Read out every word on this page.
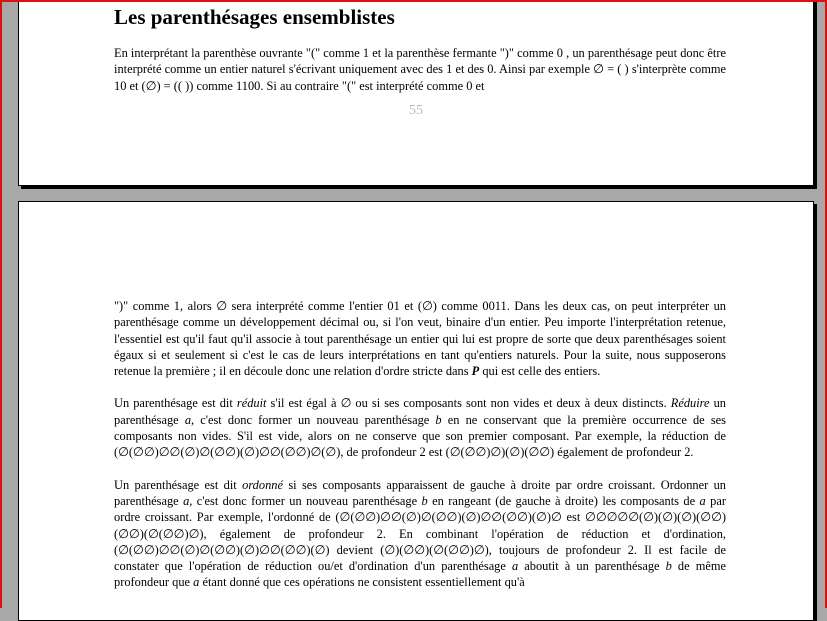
Les parenthésages ensemblistes
En interprétant la parenthèse ouvrante "(" comme 1 et la parenthèse fermante ")" comme 0 , un parenthésage peut donc être interprété comme un entier naturel s'écrivant uniquement avec des 1 et des 0. Ainsi par exemple ∅ = ( ) s'interprète comme 10 et (∅) = (( )) comme 1100. Si au contraire "(" est interprété comme 0 et
55

")" comme 1, alors ∅ sera interprété comme l'entier 01 et (∅) comme 0011. Dans les deux cas, on peut interpréter un parenthésage comme un développement décimal ou, si l'on veut, binaire d'un entier. Peu importe l'interprétation retenue, l'essentiel est qu'il faut qu'il associe à tout parenthésage un entier qui lui est propre de sorte que deux parenthésages soient égaux si et seulement si c'est le cas de leurs interprétations en tant qu'entiers naturels. Pour la suite, nous supposerons retenue la première ; il en découle donc une relation d'ordre stricte dans P qui est celle des entiers.

Un parenthésage est dit réduit s'il est égal à ∅ ou si ses composants sont non vides et deux à deux distincts. Réduire un parenthésage a, c'est donc former un nouveau parenthésage b en ne conservant que la première occurrence de ses composants non vides. S'il est vide, alors on ne conserve que son premier composant. Par exemple, la réduction de (∅(∅∅)∅∅(∅)∅(∅∅)(∅)∅∅(∅∅)∅(∅), de profondeur 2 est (∅(∅∅)∅)(∅)(∅∅) également de profondeur 2.

Un parenthésage est dit ordonné si ses composants apparaissent de gauche à droite par ordre croissant. Ordonner un parenthésage a, c'est donc former un nouveau parenthésage b en rangeant (de gauche à droite) les composants de a par ordre croissant. Par exemple, l'ordonné de (∅(∅∅)∅∅(∅)∅(∅∅)(∅)∅∅(∅∅)(∅)∅ est ∅∅∅∅∅(∅)(∅)(∅)(∅∅)(∅∅)(∅(∅∅)∅), également de profondeur 2. En combinant l'opération de réduction et d'ordination, (∅(∅∅)∅∅(∅)∅(∅∅)(∅)∅∅(∅∅)(∅) devient (∅)(∅∅)(∅(∅∅)∅), toujours de profondeur 2. Il est facile de constater que l'opération de réduction ou/et d'ordination d'un parenthésage a aboutit à un parenthésage b de même profondeur que a étant donné que ces opérations ne consistent essentiellement qu'à
